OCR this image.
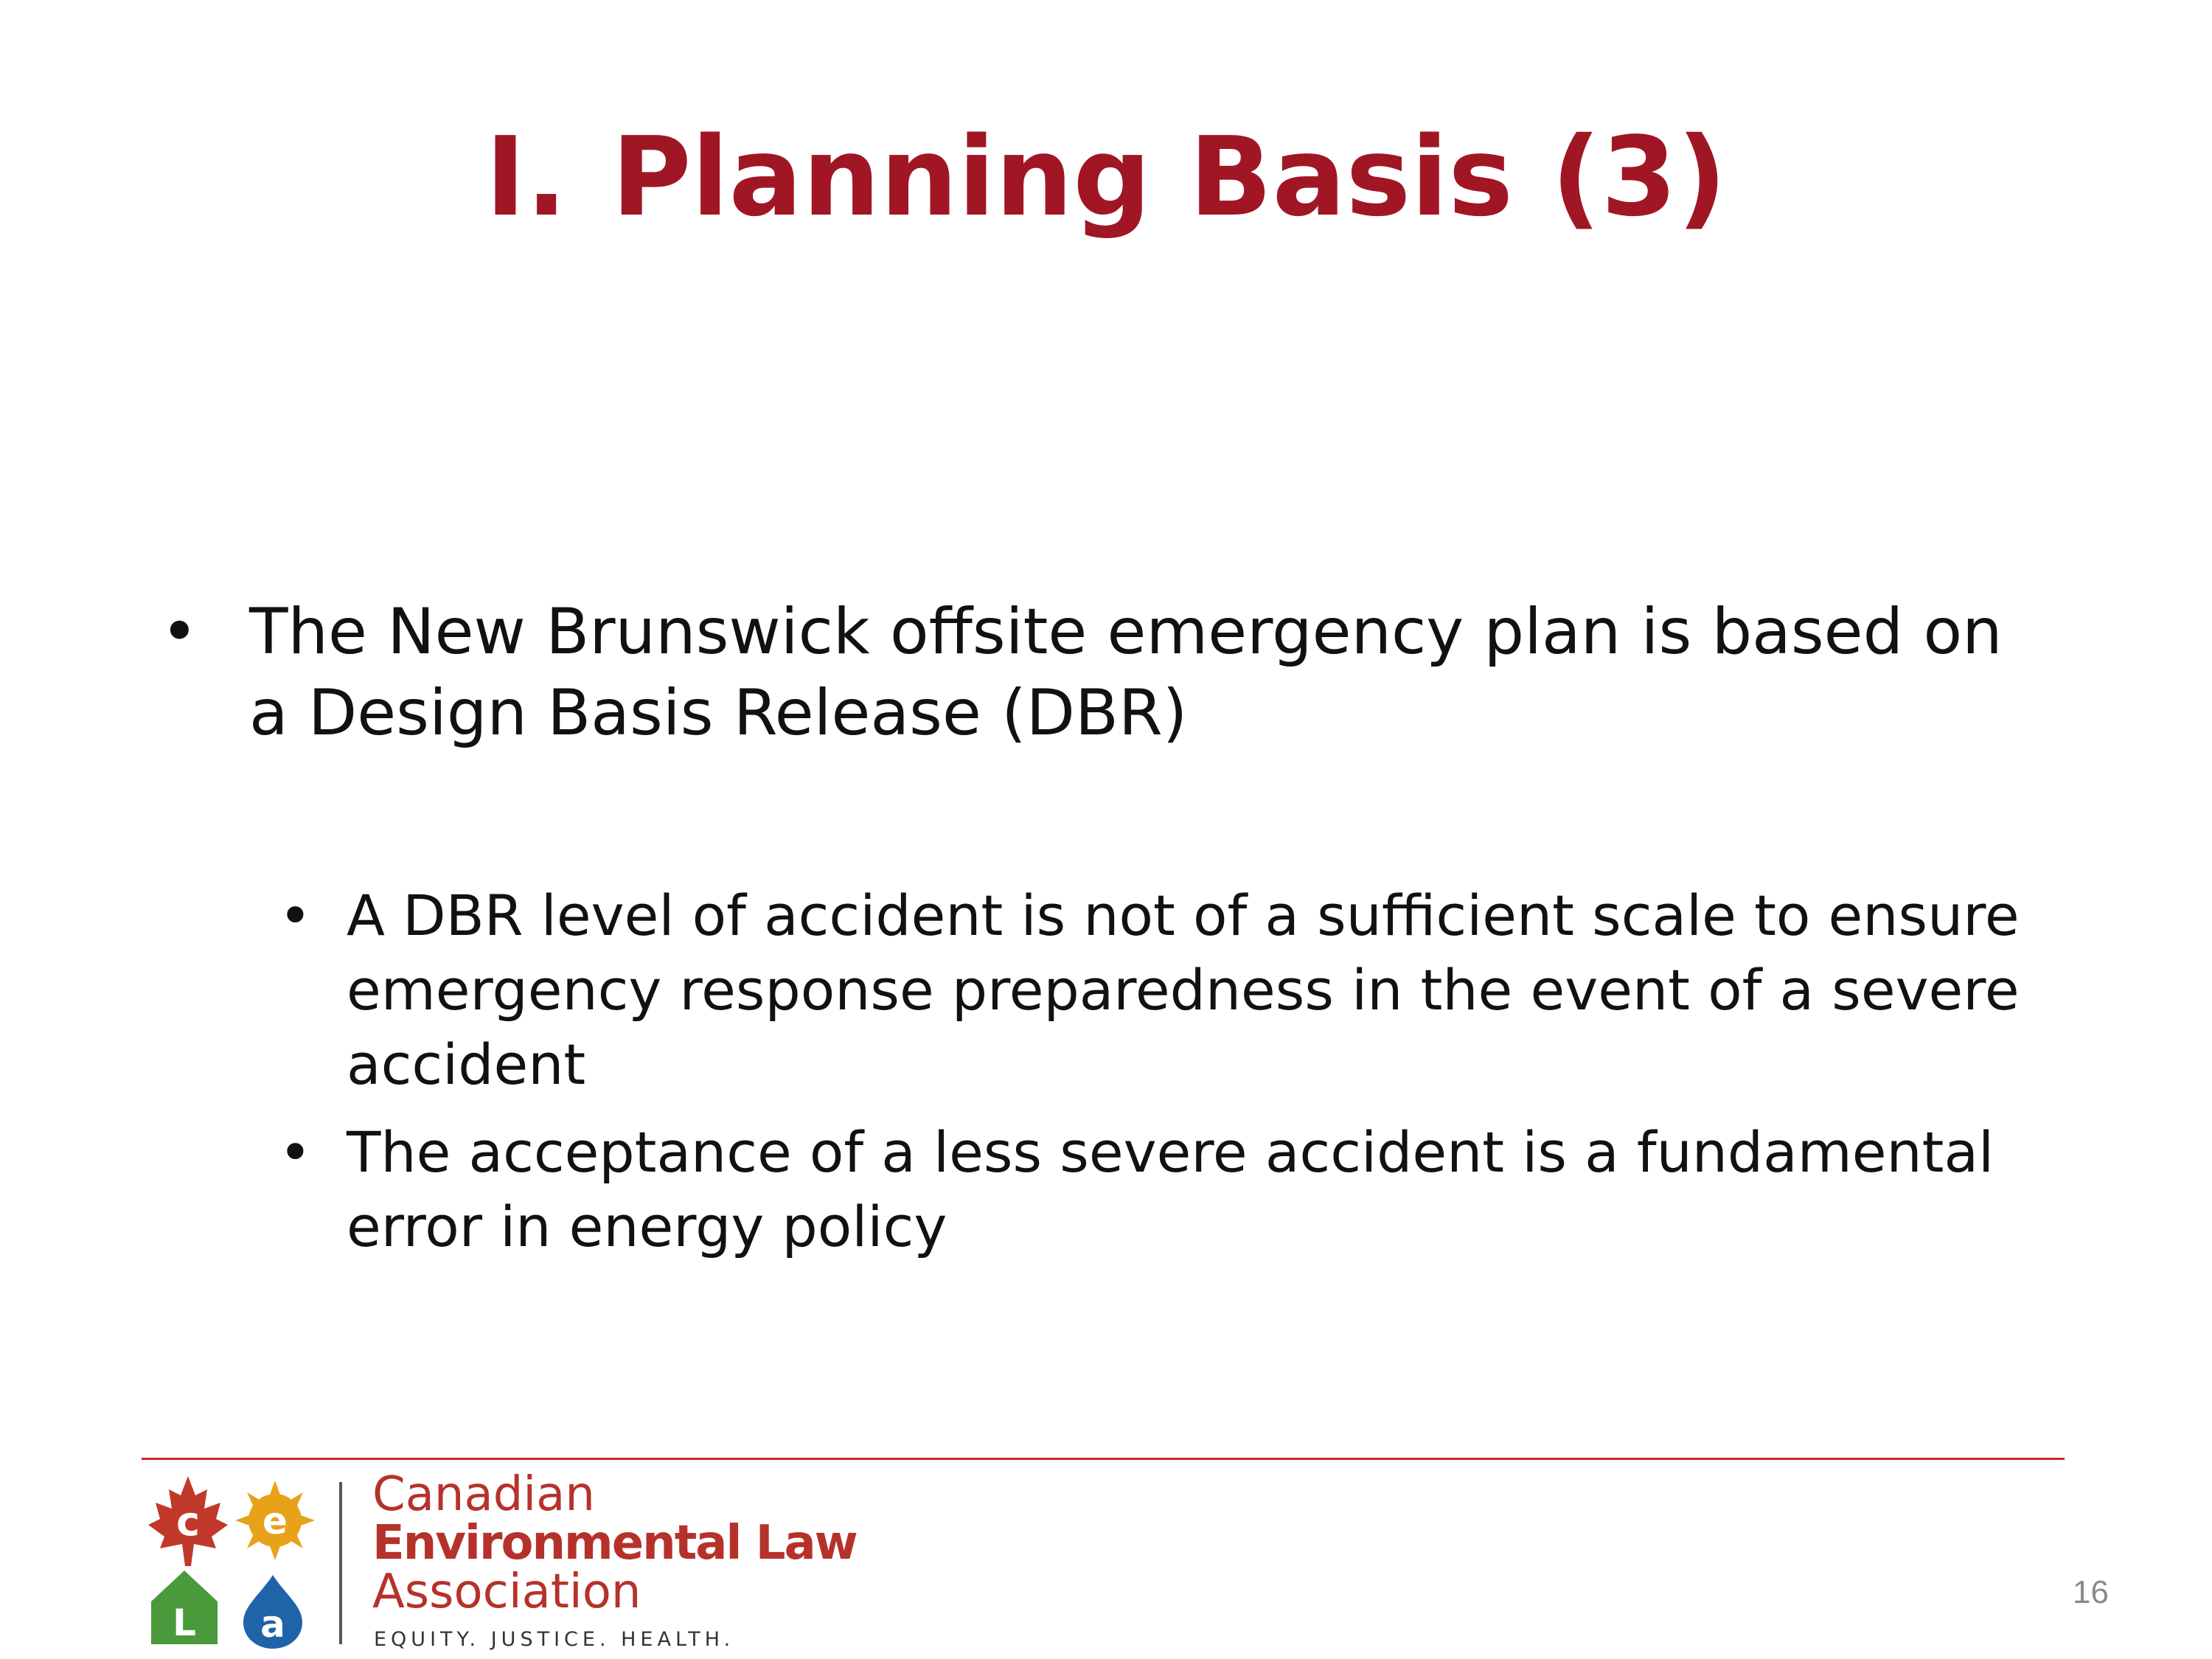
I. Planning Basis (3)
• The New Brunswick offsite emergency plan is based on a Design Basis Release (DBR)
• A DBR level of accident is not of a sufficient scale to ensure emergency response preparedness in the event of a severe accident
• The acceptance of a less severe accident is a fundamental error in energy policy
c e
L a
Canadian
Environmental Law
Association
EQUITY. JUSTICE. HEALTH.
16
